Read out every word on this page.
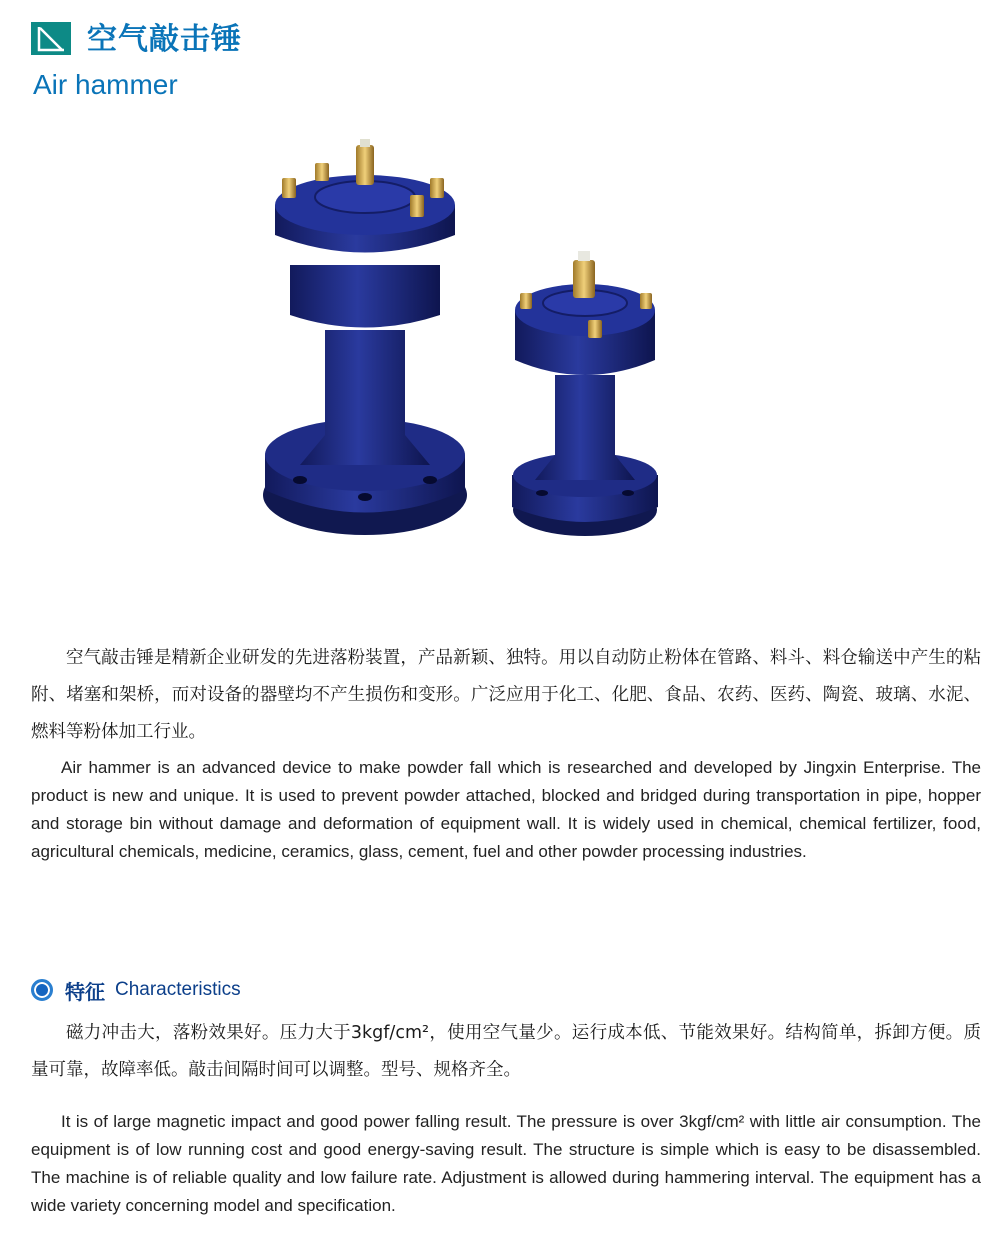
空气敲击锤
Air hammer

空气敲击锤是精新企业研发的先进落粉装置，产品新颖、独特。用以自动防止粉体在管路、料斗、料仓输送中产生的粘附、堵塞和架桥，而对设备的器壁均不产生损伤和变形。广泛应用于化工、化肥、食品、农药、医药、陶瓷、玻璃、水泥、燃料等粉体加工行业。

Air hammer is an advanced device to make powder fall which is researched and developed by Jingxin Enterprise. The product is new and unique. It is used to prevent powder attached, blocked and bridged during transportation in pipe, hopper and storage bin without damage and deformation of equipment wall. It is widely used in chemical, chemical fertilizer, food, agricultural chemicals, medicine, ceramics, glass, cement, fuel and other powder processing industries.

特征 Characteristics

磁力冲击大，落粉效果好。压力大于3kgf/cm²，使用空气量少。运行成本低、节能效果好。结构简单，拆卸方便。质量可靠，故障率低。敲击间隔时间可以调整。型号、规格齐全。

It is of large magnetic impact and good power falling result. The pressure is over 3kgf/cm² with little air consumption. The equipment is of low running cost and good energy-saving result. The structure is simple which is easy to be disassembled. The machine is of reliable quality and low failure rate. Adjustment is allowed during hammering interval. The equipment has a wide variety concerning model and specification.
